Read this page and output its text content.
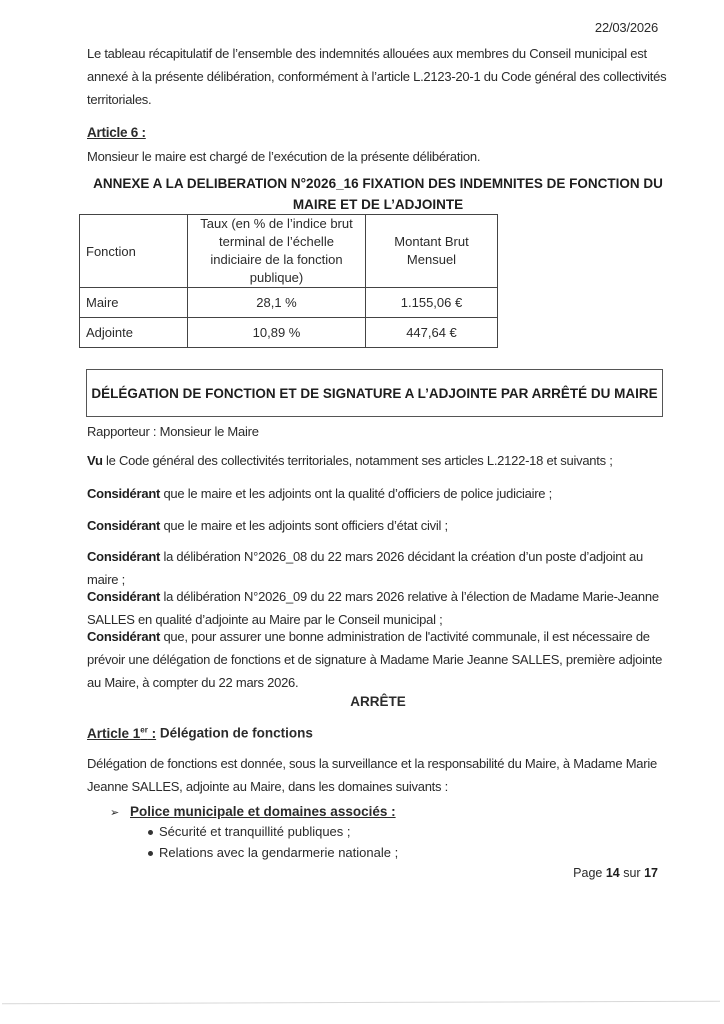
22/03/2026
Le tableau récapitulatif de l’ensemble des indemnités allouées aux membres du Conseil municipal est annexé à la présente délibération, conformément à l’article L.2123-20-1 du Code général des collectivités territoriales.
Article 6 :
Monsieur le maire est chargé de l’exécution de la présente délibération.
ANNEXE A LA DELIBERATION N°2026_16 FIXATION DES INDEMNITES DE FONCTION DU
MAIRE ET DE L’ADJOINTE
Fonction	Taux (en % de l’indice brut terminal de l’échelle indiciaire de la fonction publique)	Montant Brut Mensuel
Maire	28,1 %	1.155,06 €
Adjointe	10,89 %	447,64 €
DÉLÉGATION DE FONCTION ET DE SIGNATURE A L’ADJOINTE PAR ARRÊTÉ DU MAIRE
Rapporteur : Monsieur le Maire
Vu le Code général des collectivités territoriales, notamment ses articles L.2122-18 et suivants ;
Considérant que le maire et les adjoints ont la qualité d’officiers de police judiciaire ;
Considérant que le maire et les adjoints sont officiers d’état civil ;
Considérant la délibération N°2026_08 du 22 mars 2026 décidant la création d’un poste d’adjoint au maire ;
Considérant la délibération N°2026_09 du 22 mars 2026 relative à l’élection de Madame Marie-Jeanne SALLES en qualité d’adjointe au Maire par le Conseil municipal ;
Considérant que, pour assurer une bonne administration de l'activité communale, il est nécessaire de prévoir une délégation de fonctions et de signature à Madame Marie Jeanne SALLES, première adjointe au Maire, à compter du 22 mars 2026.
ARRÊTE
Article 1er : Délégation de fonctions
Délégation de fonctions est donnée, sous la surveillance et la responsabilité du Maire, à Madame Marie Jeanne SALLES, adjointe au Maire, dans les domaines suivants :
➢ Police municipale et domaines associés :
Sécurité et tranquillité publiques ;
Relations avec la gendarmerie nationale ;
Page 14 sur 17
